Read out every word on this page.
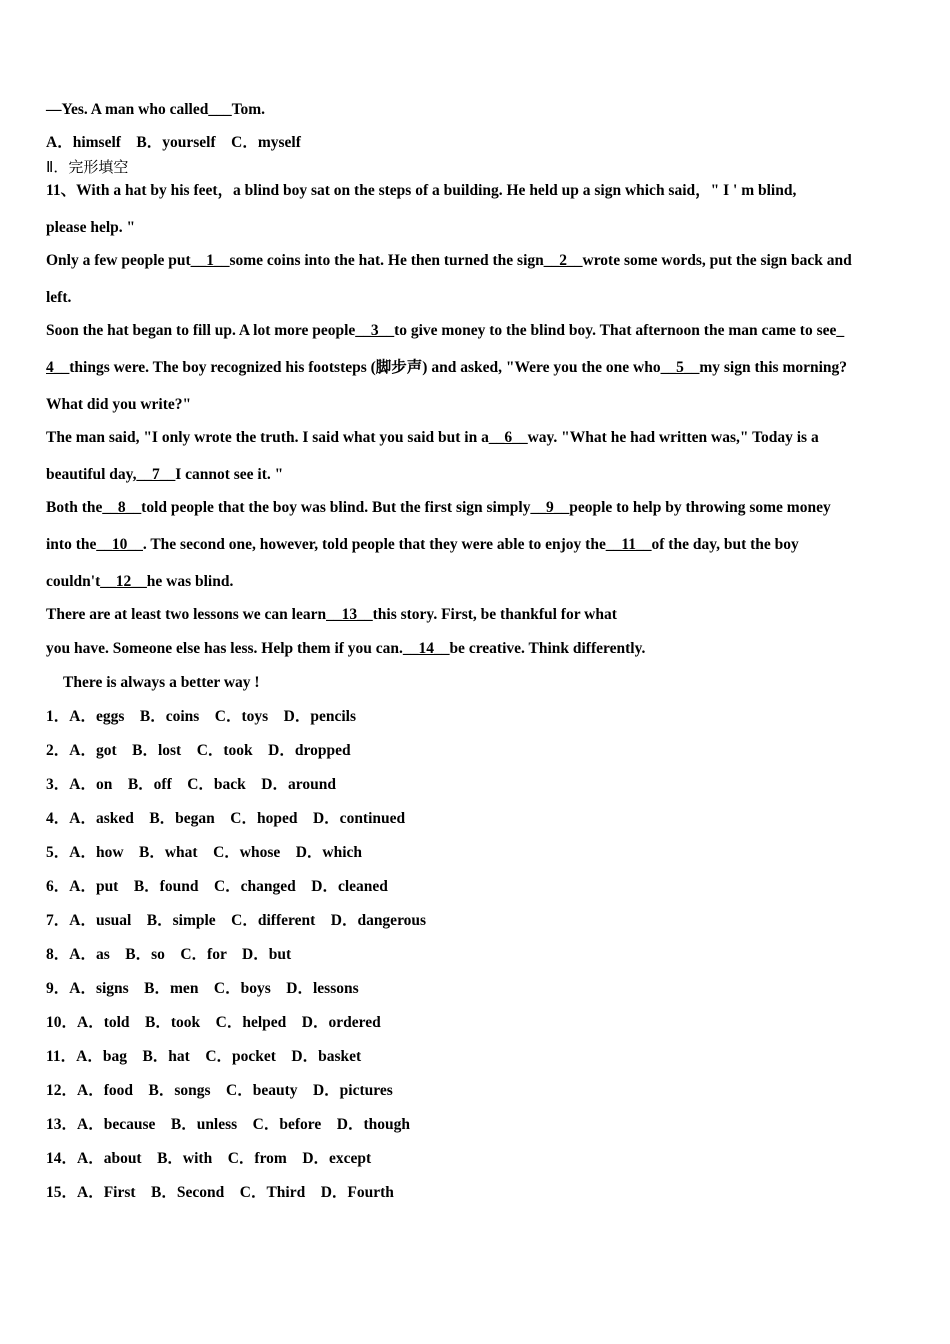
—Yes. A man who called___Tom.
A．himself    B．yourself    C．myself
Ⅱ．完形填空
11、With a hat by his feet，a blind boy sat on the steps of a building. He held up a sign which said，" I ' m blind,
please help. "
Only a few people put__1__some coins into the hat. He then turned the sign__2__wrote some words, put the sign back and
left.
Soon the hat began to fill up. A lot more people__3__to give money to the blind boy. That afternoon the man came to see_
4__things were. The boy recognized his footsteps (脚步声) and asked, "Were you the one who__5__my sign this morning?
What did you write?"
The man said, "I only wrote the truth. I said what you said but in a__6__way. "What he had written was," Today is a
beautiful day,__7__I cannot see it. "
Both the__8__told people that the boy was blind. But the first sign simply__9__people to help by throwing some money
into the__10__. The second one, however, told people that they were able to enjoy the__11__of the day, but the boy
couldn't__12__he was blind.
There are at least two lessons we can learn__13__this story. First, be thankful for what
you have. Someone else has less. Help them if you can.__14__be creative. Think differently.
There is always a better way !
1．A．eggs    B．coins    C．toys    D．pencils
2．A．got    B．lost    C．took    D．dropped
3．A．on    B．off    C．back    D．around
4．A．asked    B．began    C．hoped    D．continued
5．A．how    B．what    C．whose    D．which
6．A．put    B．found    C．changed    D．cleaned
7．A．usual    B．simple    C．different    D．dangerous
8．A．as    B．so    C．for    D．but
9．A．signs    B．men    C．boys    D．lessons
10．A．told    B．took    C．helped    D．ordered
11．A．bag    B．hat    C．pocket    D．basket
12．A．food    B．songs    C．beauty    D．pictures
13．A．because    B．unless    C．before    D．though
14．A．about    B．with    C．from    D．except
15．A．First    B．Second    C．Third    D．Fourth
